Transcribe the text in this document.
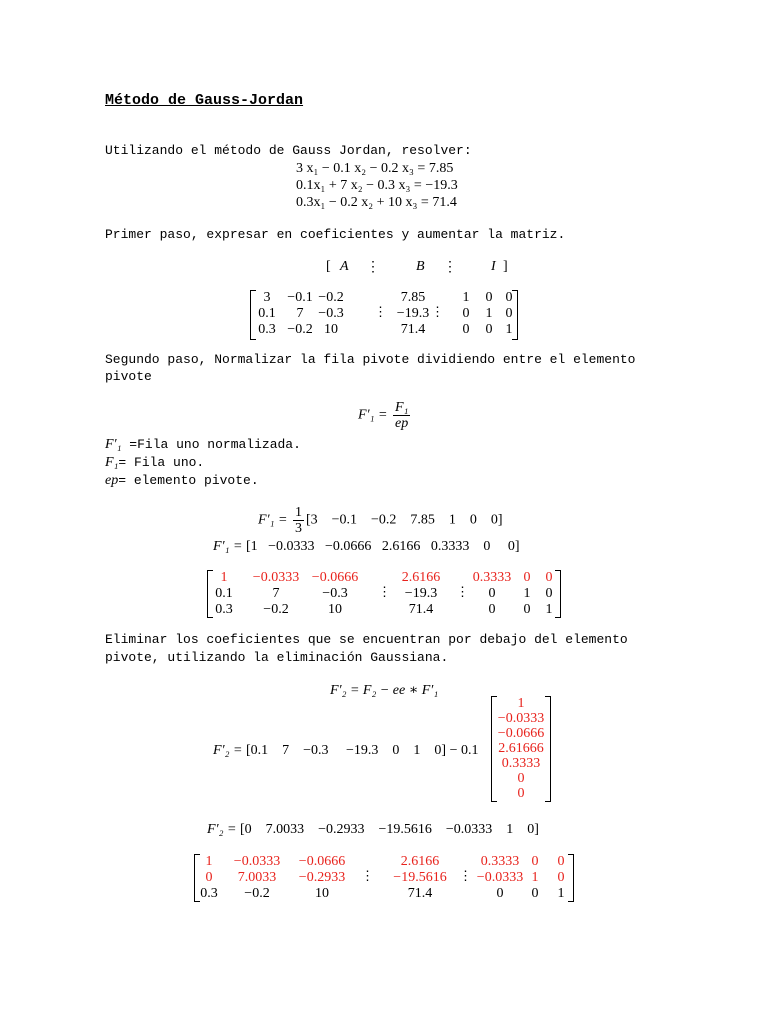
Método de Gauss-Jordan
Utilizando el método de Gauss Jordan, resolver:
3 x₁ − 0.1 x₂ − 0.2 x₃ = 7.85
0.1x₁ + 7 x₂ − 0.3 x₃ = −19.3
0.3x₁ − 0.2 x₂ + 10 x₃ = 71.4
Primer paso, expresar en coeficientes y aumentar la matriz.
[ A ⋮	B ⋮ I ]
3	−0.1 −0.2	7.85	1	0 0
0.1	7	−0.3	−19.3	0	1 0
0.3 −0.2 10	71.4	0	0 1
⋮	⋮
Segundo paso, Normalizar la fila pivote dividiendo entre el elemento
pivote
$F'_1 = \frac{\text{F₁}}{ep}$
F′₁ =Fila uno normalizada.
F₁= Fila uno.
ep= elemento pivote.
$F'_1 = \frac{1}{3} [3$    −0.1    −0.2    7.85    1    0    0]
F′₁ = [1   −0.0333   −0.0666   2.6166   0.3333    0     0]
1	−0.0333 −0.0666	2.6166	0.3333 0	0
0.1	7	−0.3	−19.3	0	1	0
0.3	−0.2	10	71.4	0	0	1
⋮	⋮
Eliminar los coeficientes que se encuentran por debajo del elemento
pivote, utilizando la eliminación Gaussiana.
F′₂ = F₂ − ee ∗ F′₁
F′₂ = [0.1    7    −0.3     −19.3    0    1    0] − 0.1
1
−0.0333
−0.0666
2.61666
0.3333
0
0
F′₂ = [0    7.0033    −0.2933    −19.5616    −0.0333    1    0]
1	−0.0333	−0.0666	2.6166	0.3333 0	0
0	7.0033	−0.2933	−19.5616	−0.0333 1	0
0.3	−0.2	10	71.4	0	0	1
⋮	⋮
